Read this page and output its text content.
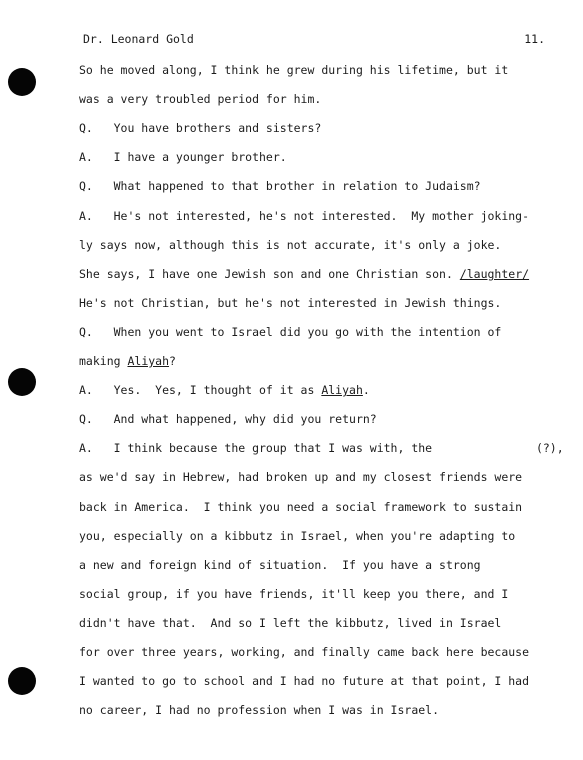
Dr. Leonard Gold	11.
So he moved along, I think he grew during his lifetime, but it
was a very troubled period for him.
Q.   You have brothers and sisters?
A.   I have a younger brother.
Q.   What happened to that brother in relation to Judaism?
A.   He's not interested, he's not interested.  My mother joking-
ly says now, although this is not accurate, it's only a joke.
She says, I have one Jewish son and one Christian son. /laughter/
He's not Christian, but he's not interested in Jewish things.
Q.   When you went to Israel did you go with the intention of
making Aliyah?
A.   Yes.  Yes, I thought of it as Aliyah.
Q.   And what happened, why did you return?
A.   I think because the group that I was with, the               (?),
as we'd say in Hebrew, had broken up and my closest friends were
back in America.  I think you need a social framework to sustain
you, especially on a kibbutz in Israel, when you're adapting to
a new and foreign kind of situation.  If you have a strong
social group, if you have friends, it'll keep you there, and I
didn't have that.  And so I left the kibbutz, lived in Israel
for over three years, working, and finally came back here because
I wanted to go to school and I had no future at that point, I had
no career, I had no profession when I was in Israel.
